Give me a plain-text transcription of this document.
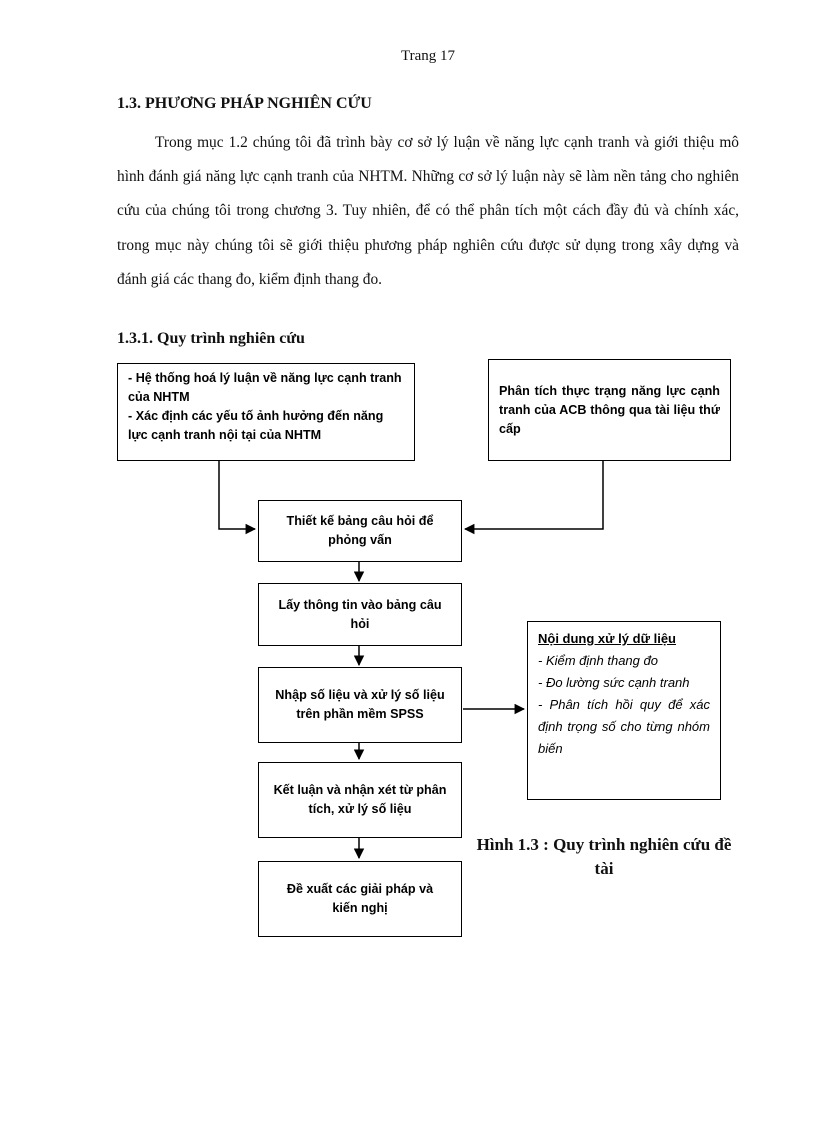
Trang 17
1.3. PHƯƠNG PHÁP NGHIÊN CỨU

Trong mục 1.2 chúng tôi đã trình bày cơ sở lý luận về năng lực cạnh tranh và giới thiệu mô hình đánh giá năng lực cạnh tranh của NHTM. Những cơ sở lý luận này sẽ làm nền tảng cho nghiên cứu của chúng tôi trong chương 3. Tuy nhiên, để có thể phân tích một cách đầy đủ và chính xác, trong mục này chúng tôi sẽ giới thiệu phương pháp nghiên cứu được sử dụng trong xây dựng và đánh giá các thang đo, kiểm định thang đo.

1.3.1. Quy trình nghiên cứu
- Hệ thống hoá lý luận về năng lực cạnh tranh của NHTM
- Xác định các yếu tố ảnh hưởng đến năng lực cạnh tranh nội tại của NHTM
Phân tích thực trạng năng lực cạnh tranh của ACB thông qua tài liệu thứ cấp
Thiết kế bảng câu hỏi để phỏng vấn
Lấy thông tin vào bảng câu hỏi
Nhập số liệu và xử lý số liệu trên phần mềm SPSS
Kết luận và nhận xét từ phân tích, xử lý số liệu
Đề xuất các giải pháp và kiến nghị
Nội dung xử lý dữ liệu
- Kiểm định thang đo
- Đo lường sức cạnh tranh
- Phân tích hồi quy để xác định trọng số cho từng nhóm biến
Hình 1.3 : Quy trình nghiên cứu đề tài
